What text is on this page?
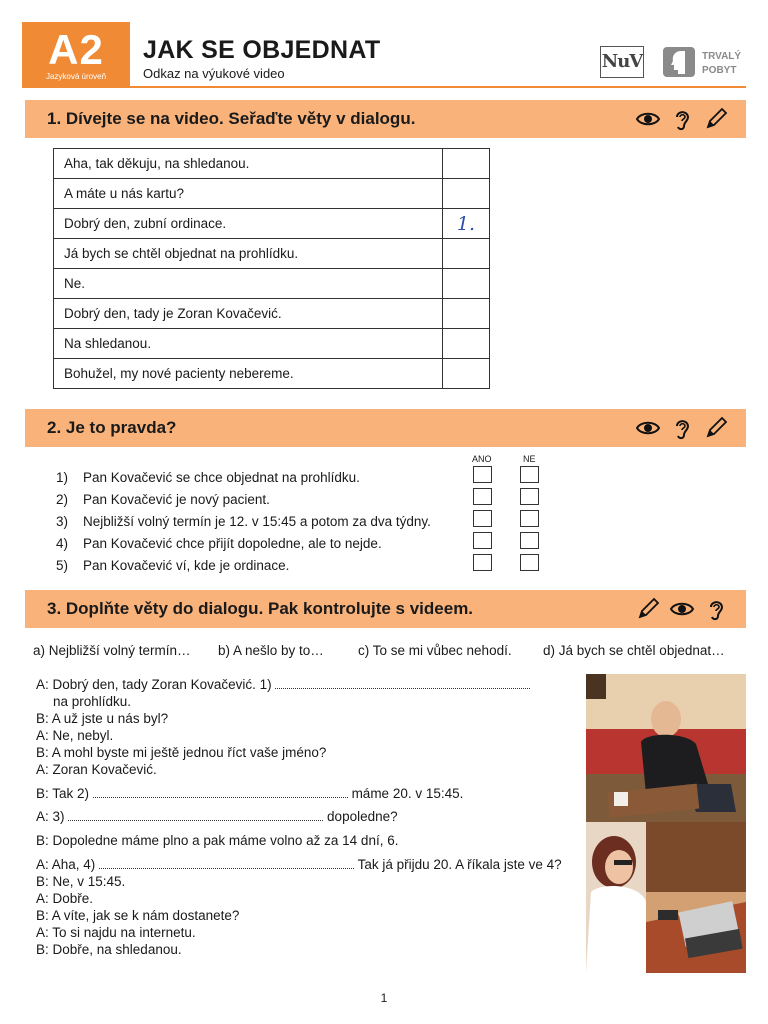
A2
Jazyková úroveň
JAK SE OBJEDNAT
Odkaz na výukové video
NuV	TRVALÝ
POBYT
1. Dívejte se na video. Seřaďte věty v dialogu.
Aha, tak děkuju, na shledanou.	
A máte u nás kartu?	
Dobrý den, zubní ordinace.	1.
Já bych se chtěl objednat na prohlídku.	
Ne.	
Dobrý den, tady je Zoran Kovačević.	
Na shledanou.	
Bohužel, my nové pacienty nebereme.	
2. Je to pravda?
ANO	NE
1) Pan Kovačević se chce objednat na prohlídku.
2) Pan Kovačević je nový pacient.
3) Nejbližší volný termín je 12. v 15:45 a potom za dva týdny.
4) Pan Kovačević chce přijít dopoledne, ale to nejde.
5) Pan Kovačević ví, kde je ordinace.
3. Doplňte věty do dialogu. Pak kontrolujte s videem.
a) Nejbližší volný termín… b) A nešlo by to…	c) To se mi vůbec nehodí. d) Já bych se chtěl objednat…
A: Dobrý den, tady Zoran Kovačević. 1)
na prohlídku.
B: A už jste u nás byl?
A: Ne, nebyl.
B: A mohl byste mi ještě jednou říct vaše jméno?
A: Zoran Kovačević.
B: Tak 2)	máme 20. v 15:45.
A: 3)	dopoledne?
B: Dopoledne máme plno a pak máme volno až za 14 dní, 6.
A: Aha, 4)	Tak já přijdu 20. A říkala jste ve 4?
B: Ne, v 15:45.
A: Dobře.
B: A víte, jak se k nám dostanete?
A: To si najdu na internetu.
B: Dobře, na shledanou.
1
